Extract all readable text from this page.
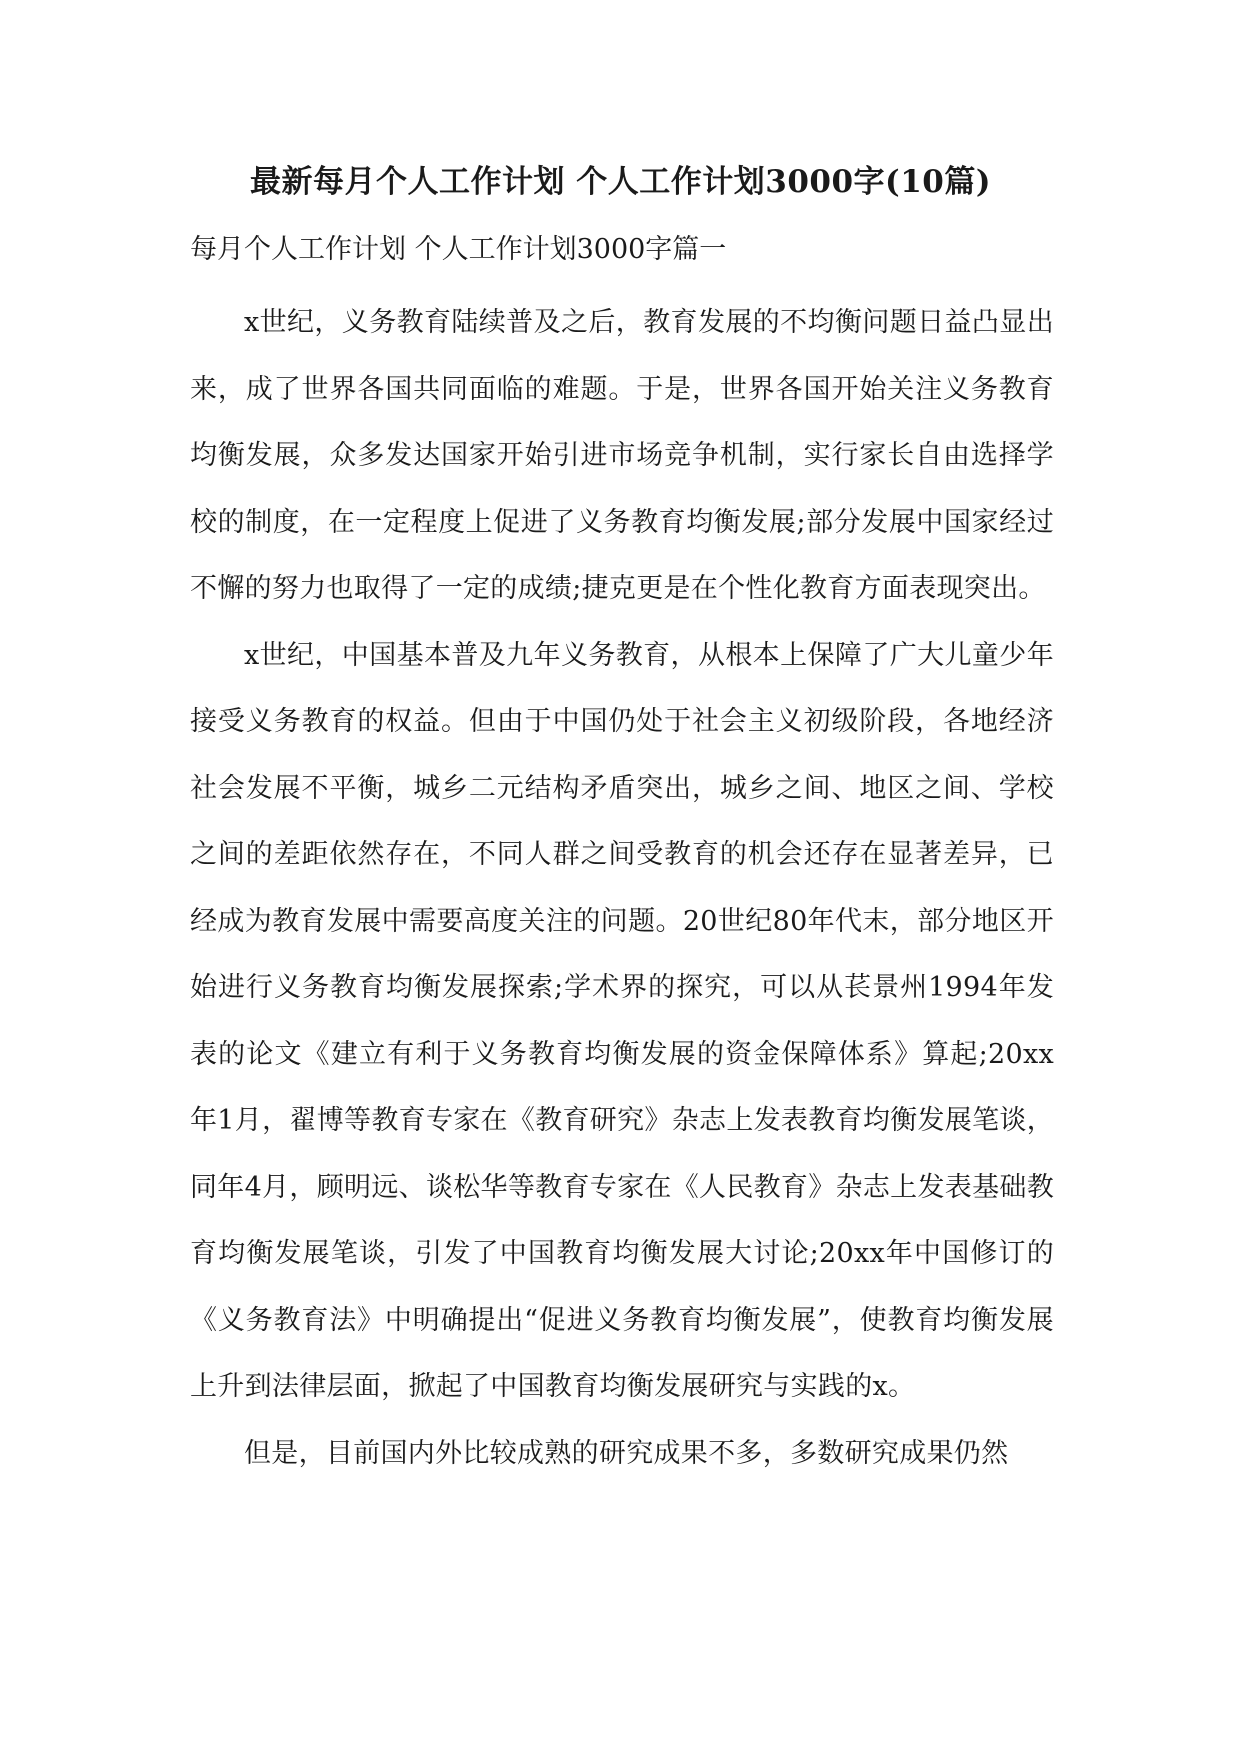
最新每月个人工作计划 个人工作计划3000字(10篇)
每月个人工作计划 个人工作计划3000字篇一

x世纪，义务教育陆续普及之后，教育发展的不均衡问题日益凸显出来，成了世界各国共同面临的难题。于是，世界各国开始关注义务教育均衡发展，众多发达国家开始引进市场竞争机制，实行家长自由选择学校的制度，在一定程度上促进了义务教育均衡发展;部分发展中国家经过不懈的努力也取得了一定的成绩;捷克更是在个性化教育方面表现突出。

x世纪，中国基本普及九年义务教育，从根本上保障了广大儿童少年接受义务教育的权益。但由于中国仍处于社会主义初级阶段，各地经济社会发展不平衡，城乡二元结构矛盾突出，城乡之间、地区之间、学校之间的差距依然存在，不同人群之间受教育的机会还存在显著差异，已经成为教育发展中需要高度关注的问题。20世纪80年代末，部分地区开始进行义务教育均衡发展探索;学术界的探究，可以从苌景州1994年发表的论文《建立有利于义务教育均衡发展的资金保障体系》算起;20xx年1月，翟博等教育专家在《教育研究》杂志上发表教育均衡发展笔谈，同年4月，顾明远、谈松华等教育专家在《人民教育》杂志上发表基础教育均衡发展笔谈，引发了中国教育均衡发展大讨论;20xx年中国修订的《义务教育法》中明确提出“促进义务教育均衡发展”，使教育均衡发展上升到法律层面，掀起了中国教育均衡发展研究与实践的x。

但是，目前国内外比较成熟的研究成果不多，多数研究成果仍然
